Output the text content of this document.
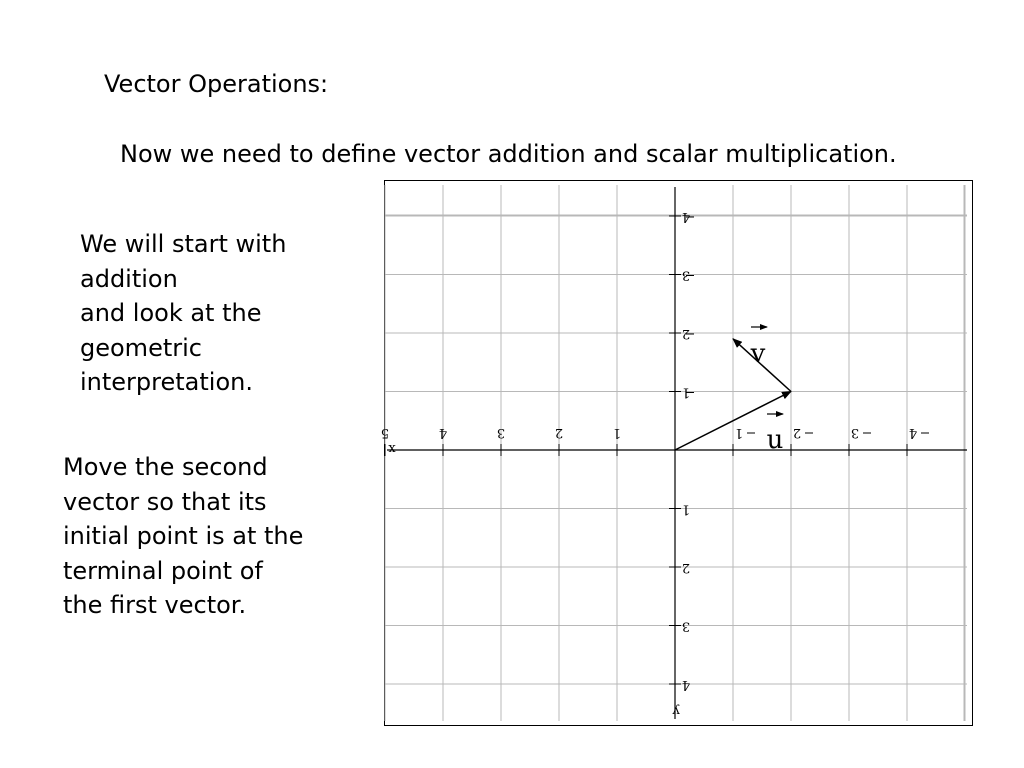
Vector Operations:
Now we need to define vector addition and scalar multiplication.
We will start with
addition
and look at the
geometric
interpretation.
Move the second
vector so that its
initial point is at the
terminal point of
the first vector.
5	4	3	2	1	1	2	3	4
4
3
2
1
1
2
3
4
x
y
v
u
